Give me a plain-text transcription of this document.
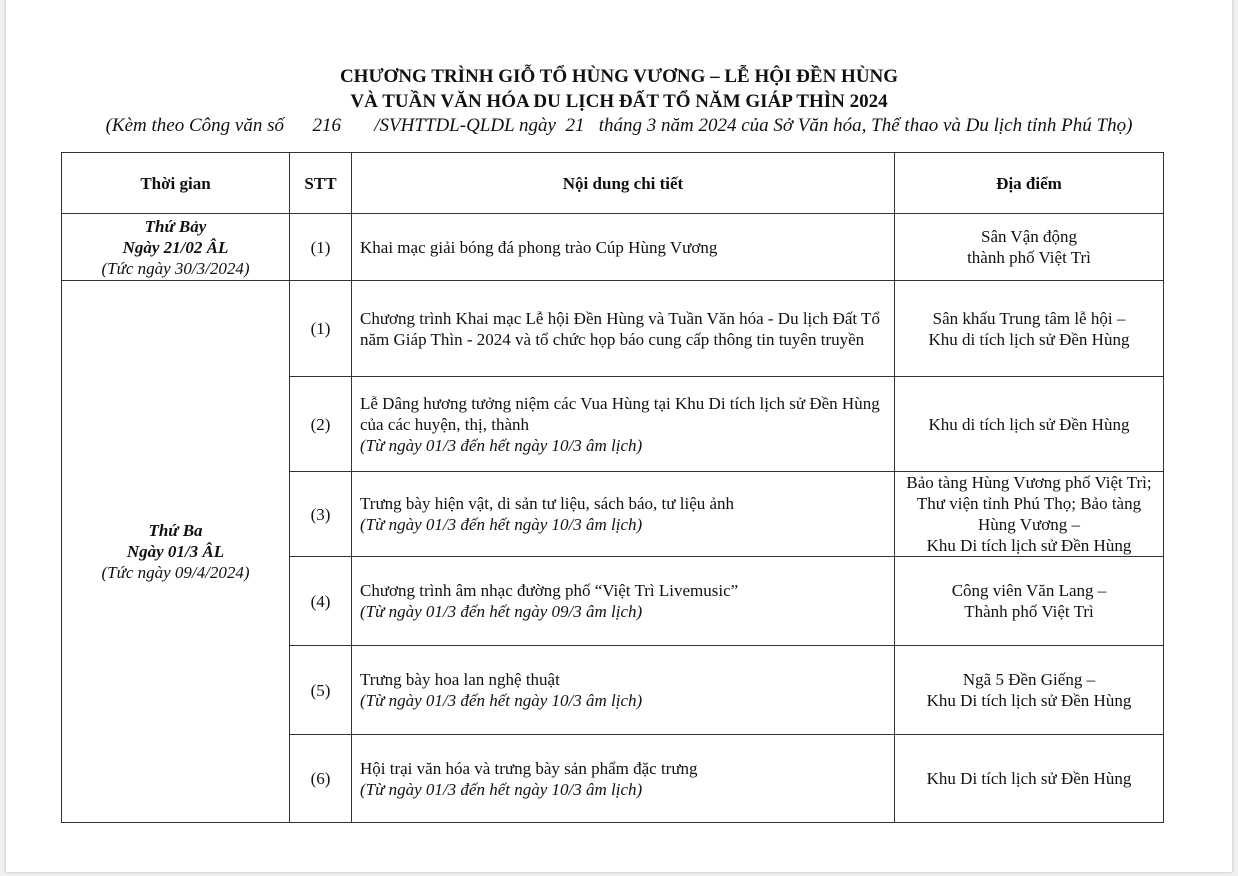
CHƯƠNG TRÌNH GIỖ TỔ HÙNG VƯƠNG – LỄ HỘI ĐỀN HÙNG
VÀ TUẦN VĂN HÓA DU LỊCH ĐẤT TỔ NĂM GIÁP THÌN 2024
(Kèm theo Công văn số      216       /SVHTTDL-QLDL ngày  21   tháng 3 năm 2024 của Sở Văn hóa, Thể thao và Du lịch tỉnh Phú Thọ)
Thời gian	STT	Nội dung chi tiết	Địa điểm

Thứ Bảy
Ngày 21/02 ÂL
(Tức ngày 30/3/2024)	(1)	Khai mạc giải bóng đá phong trào Cúp Hùng Vương	Sân Vận động
thành phố Việt Trì

Thứ Ba
Ngày 01/3 ÂL
(Tức ngày 09/4/2024)	(1)	Chương trình Khai mạc Lễ hội Đền Hùng và Tuần Văn hóa - Du lịch Đất Tổ năm Giáp Thìn - 2024 và tổ chức họp báo cung cấp thông tin tuyên truyền	Sân khấu Trung tâm lễ hội –
Khu di tích lịch sử Đền Hùng

	(2)	Lễ Dâng hương tưởng niệm các Vua Hùng tại Khu Di tích lịch sử Đền Hùng của các huyện, thị, thành
(Từ ngày 01/3 đến hết ngày 10/3 âm lịch)	Khu di tích lịch sử Đền Hùng

	(3)	Trưng bày hiện vật, di sản tư liệu, sách báo, tư liệu ảnh
(Từ ngày 01/3 đến hết ngày 10/3 âm lịch)	Bảo tàng Hùng Vương phố Việt Trì; Thư viện tỉnh Phú Thọ; Bảo tàng Hùng Vương –
Khu Di tích lịch sử Đền Hùng

	(4)	Chương trình âm nhạc đường phố “Việt Trì Livemusic”
(Từ ngày 01/3 đến hết ngày 09/3 âm lịch)	Công viên Văn Lang –
Thành phố Việt Trì

	(5)	Trưng bày hoa lan nghệ thuật
(Từ ngày 01/3 đến hết ngày 10/3 âm lịch)	Ngã 5 Đền Giếng –
Khu Di tích lịch sử Đền Hùng

	(6)	Hội trại văn hóa và trưng bày sản phẩm đặc trưng
(Từ ngày 01/3 đến hết ngày 10/3 âm lịch)	Khu Di tích lịch sử Đền Hùng
